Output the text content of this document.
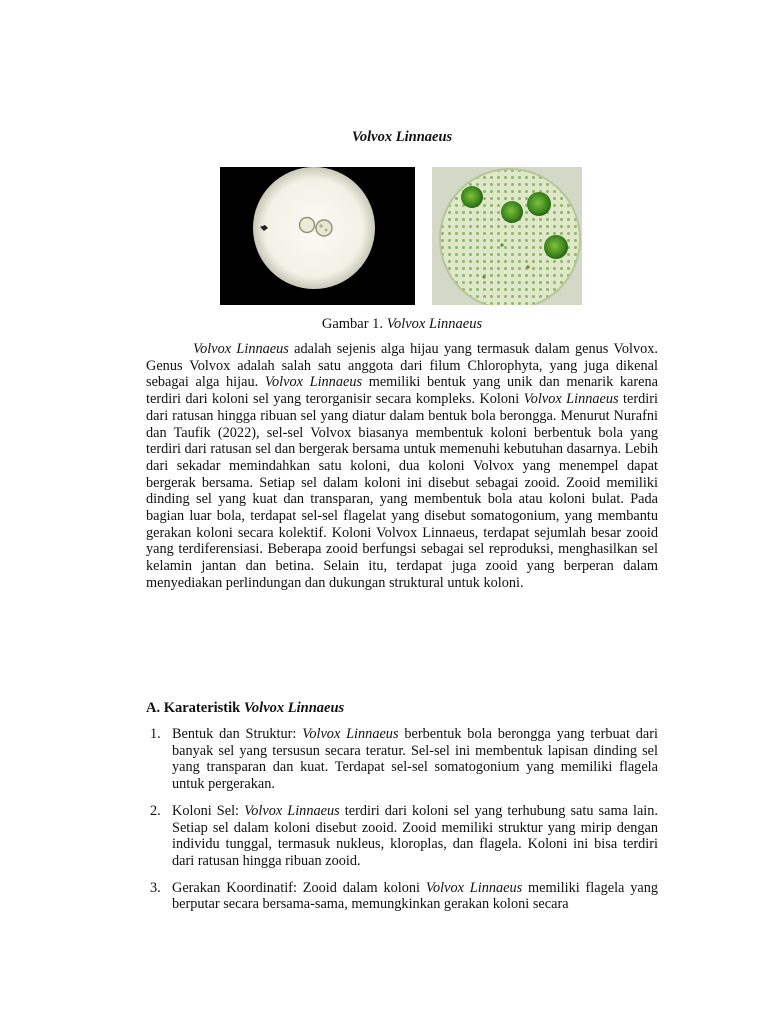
Volvox Linnaeus
Gambar 1. Volvox Linnaeus

Volvox Linnaeus adalah sejenis alga hijau yang termasuk dalam genus Volvox. Genus Volvox adalah salah satu anggota dari filum Chlorophyta, yang juga dikenal sebagai alga hijau. Volvox Linnaeus memiliki bentuk yang unik dan menarik karena terdiri dari koloni sel yang terorganisir secara kompleks. Koloni Volvox Linnaeus terdiri dari ratusan hingga ribuan sel yang diatur dalam bentuk bola berongga. Menurut Nurafni dan Taufik (2022), sel-sel Volvox biasanya membentuk koloni berbentuk bola yang terdiri dari ratusan sel dan bergerak bersama untuk memenuhi kebutuhan dasarnya. Lebih dari sekadar memindahkan satu koloni, dua koloni Volvox yang menempel dapat bergerak bersama. Setiap sel dalam koloni ini disebut sebagai zooid. Zooid memiliki dinding sel yang kuat dan transparan, yang membentuk bola atau koloni bulat. Pada bagian luar bola, terdapat sel-sel flagelat yang disebut somatogonium, yang membantu gerakan koloni secara kolektif. Koloni Volvox Linnaeus, terdapat sejumlah besar zooid yang terdiferensiasi. Beberapa zooid berfungsi sebagai sel reproduksi, menghasilkan sel kelamin jantan dan betina. Selain itu, terdapat juga zooid yang berperan dalam menyediakan perlindungan dan dukungan struktural untuk koloni.

A. Karateristik Volvox Linnaeus
1. Bentuk dan Struktur: Volvox Linnaeus berbentuk bola berongga yang terbuat dari banyak sel yang tersusun secara teratur. Sel-sel ini membentuk lapisan dinding sel yang transparan dan kuat. Terdapat sel-sel somatogonium yang memiliki flagela untuk pergerakan.
2. Koloni Sel: Volvox Linnaeus terdiri dari koloni sel yang terhubung satu sama lain. Setiap sel dalam koloni disebut zooid. Zooid memiliki struktur yang mirip dengan individu tunggal, termasuk nukleus, kloroplas, dan flagela. Koloni ini bisa terdiri dari ratusan hingga ribuan zooid.
3. Gerakan Koordinatif: Zooid dalam koloni Volvox Linnaeus memiliki flagela yang berputar secara bersama-sama, memungkinkan gerakan koloni secara
